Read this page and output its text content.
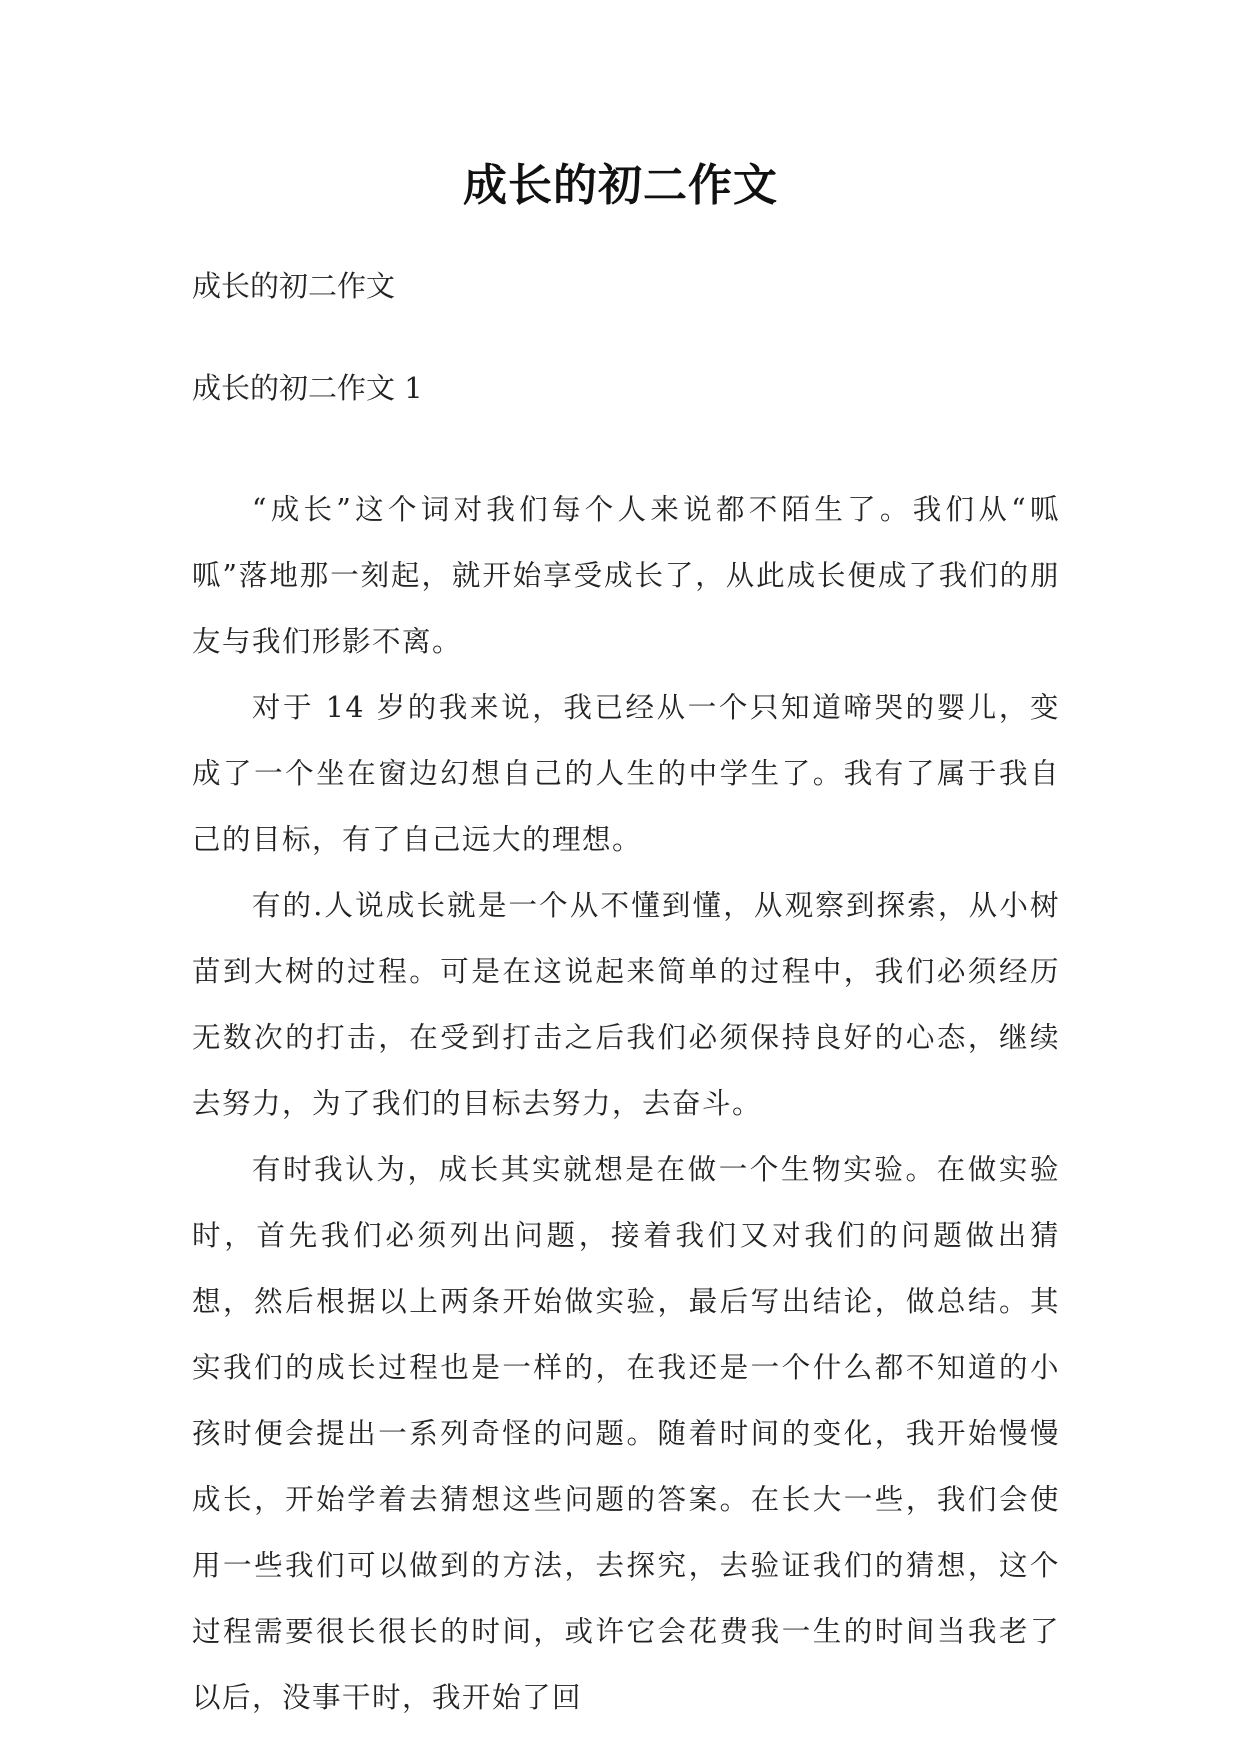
成长的初二作文
成长的初二作文
成长的初二作文 1

“成长”这个词对我们每个人来说都不陌生了。我们从“呱呱”落地那一刻起，就开始享受成长了，从此成长便成了我们的朋友与我们形影不离。

对于 14 岁的我来说，我已经从一个只知道啼哭的婴儿，变成了一个坐在窗边幻想自己的人生的中学生了。我有了属于我自己的目标，有了自己远大的理想。

有的.人说成长就是一个从不懂到懂，从观察到探索，从小树苗到大树的过程。可是在这说起来简单的过程中，我们必须经历无数次的打击，在受到打击之后我们必须保持良好的心态，继续去努力，为了我们的目标去努力，去奋斗。

有时我认为，成长其实就想是在做一个生物实验。在做实验时，首先我们必须列出问题，接着我们又对我们的问题做出猜想，然后根据以上两条开始做实验，最后写出结论，做总结。其实我们的成长过程也是一样的，在我还是一个什么都不知道的小孩时便会提出一系列奇怪的问题。随着时间的变化，我开始慢慢成长，开始学着去猜想这些问题的答案。在长大一些，我们会使用一些我们可以做到的方法，去探究，去验证我们的猜想，这个过程需要很长很长的时间，或许它会花费我一生的时间当我老了以后，没事干时，我开始了回
